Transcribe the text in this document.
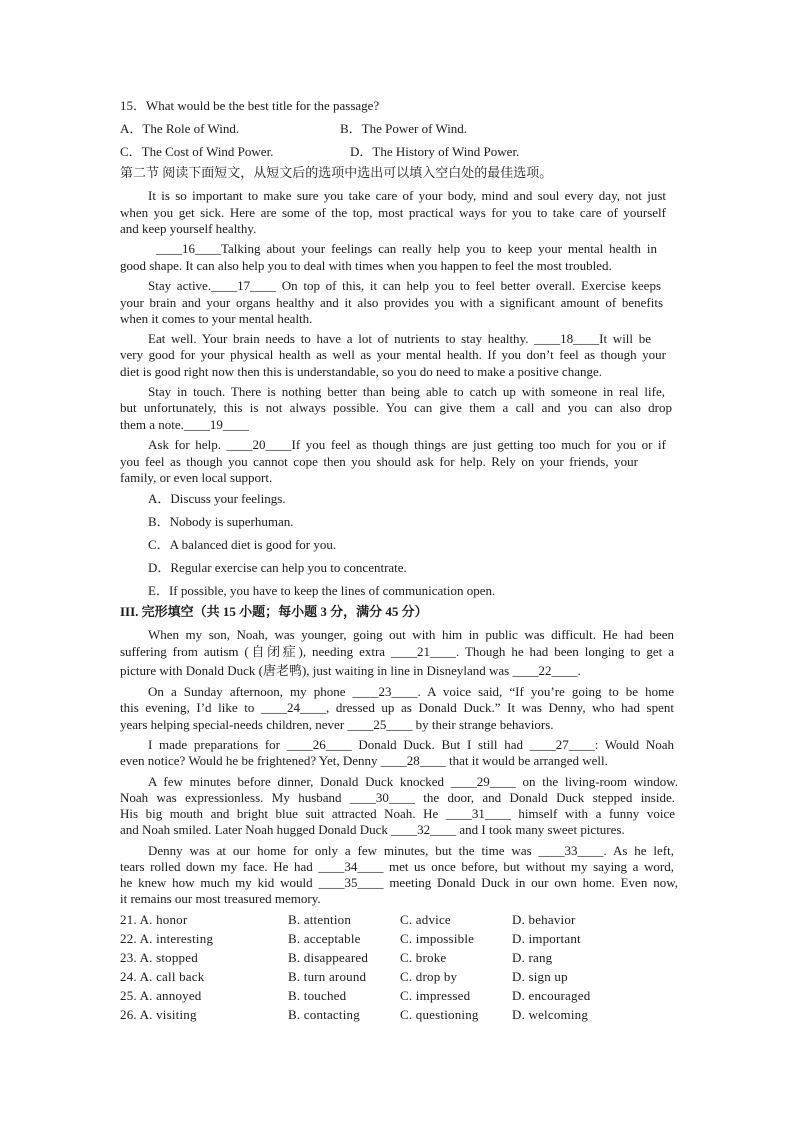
15．What would be the best title for the passage?
A．The Role of Wind.	B．The Power of Wind.
C．The Cost of Wind Power.	D．The History of Wind Power.
第二节 阅读下面短文，从短文后的选项中选出可以填入空白处的最佳选项。
It is so important to make sure you take care of your body, mind and soul every day, not just
when you get sick. Here are some of the top, most practical ways for you to take care of yourself
and keep yourself healthy.
____16____Talking about your feelings can really help you to keep your mental health in
good shape. It can also help you to deal with times when you happen to feel the most troubled.
Stay active.____17____ On top of this, it can help you to feel better overall. Exercise keeps
your brain and your organs healthy and it also provides you with a significant amount of benefits
when it comes to your mental health.
Eat well. Your brain needs to have a lot of nutrients to stay healthy. ____18____It will be
very good for your physical health as well as your mental health. If you don’t feel as though your
diet is good right now then this is understandable, so you do need to make a positive change.
Stay in touch. There is nothing better than being able to catch up with someone in real life,
but unfortunately, this is not always possible. You can give them a call and you can also drop
them a note.____19____
Ask for help. ____20____If you feel as though things are just getting too much for you or if
you feel as though you cannot cope then you should ask for help. Rely on your friends, your
family, or even local support.
A．Discuss your feelings.
B．Nobody is superhuman.
C．A balanced diet is good for you.
D．Regular exercise can help you to concentrate.
E．If possible, you have to keep the lines of communication open.
III. 完形填空（共 15 小题；每小题 3 分，满分 45 分）
When my son, Noah, was younger, going out with him in public was difficult. He had been
suffering from autism (自闭症), needing extra ____21____. Though he had been longing to get a
picture with Donald Duck (唐老鸭), just waiting in line in Disneyland was ____22____.
On a Sunday afternoon, my phone ____23____. A voice said, “If you’re going to be home
this evening, I’d like to ____24____, dressed up as Donald Duck.” It was Denny, who had spent
years helping special-needs children, never ____25____ by their strange behaviors.
I made preparations for ____26____ Donald Duck. But I still had ____27____: Would Noah
even notice? Would he be frightened? Yet, Denny ____28____ that it would be arranged well.
A few minutes before dinner, Donald Duck knocked ____29____ on the living-room window.
Noah was expressionless. My husband ____30____ the door, and Donald Duck stepped inside.
His big mouth and bright blue suit attracted Noah. He ____31____ himself with a funny voice
and Noah smiled. Later Noah hugged Donald Duck ____32____ and I took many sweet pictures.
Denny was at our home for only a few minutes, but the time was ____33____. As he left,
tears rolled down my face. He had ____34____ met us once before, but without my saying a word,
he knew how much my kid would ____35____ meeting Donald Duck in our own home. Even now,
it remains our most treasured memory.
21. A. honor	B. attention	C. advice	D. behavior
22. A. interesting	B. acceptable	C. impossible	D. important
23. A. stopped	B. disappeared C. broke	D. rang
24. A. call back	B. turn around	C. drop by	D. sign up
25. A. annoyed	B. touched	C. impressed	D. encouraged
26. A. visiting	B. contacting	C. questioning	D. welcoming
